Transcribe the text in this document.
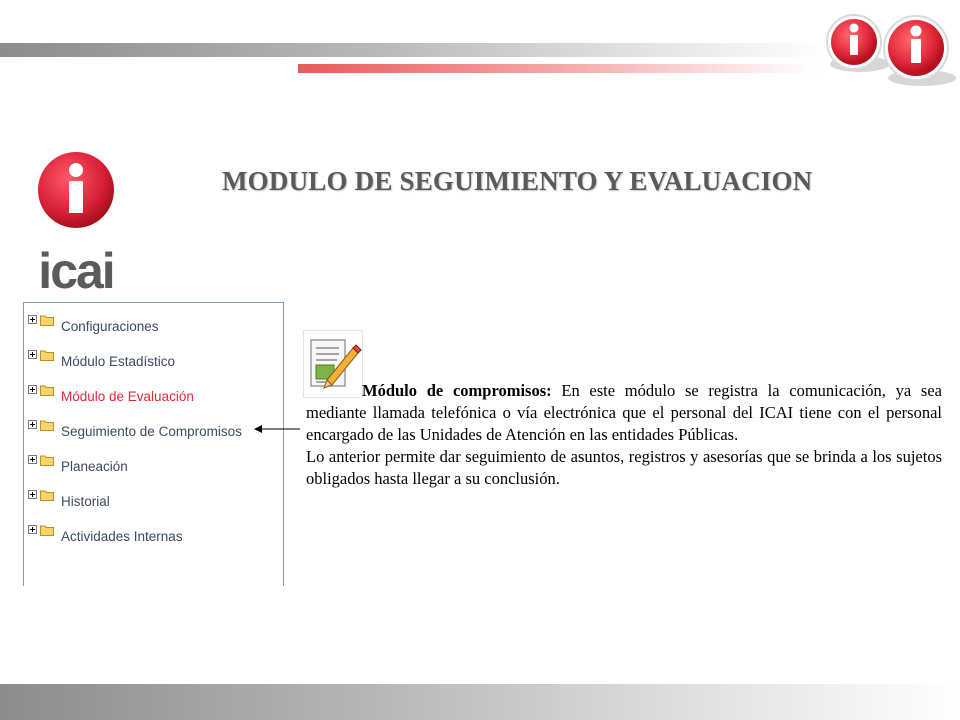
icai
MODULO DE SEGUIMIENTO Y EVALUACION
Configuraciones
Módulo Estadístico
Módulo de Evaluación
Seguimiento de Compromisos
Planeación
Historial
Actividades Internas

Módulo de compromisos: En este módulo se registra la comunicación, ya sea mediante llamada telefónica o vía electrónica que el personal del ICAI tiene con el personal encargado de las Unidades de Atención en las entidades Públicas.

Lo anterior permite dar seguimiento de asuntos, registros y asesorías que se brinda a los sujetos obligados hasta llegar a su conclusión.
